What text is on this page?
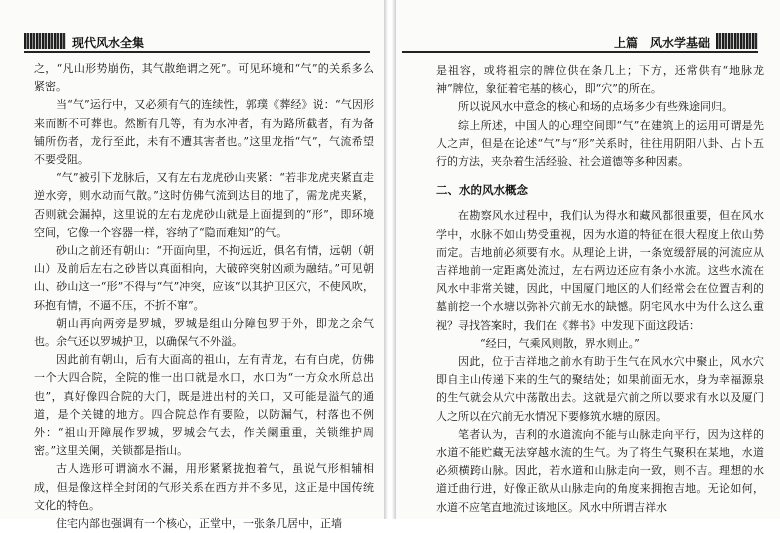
现代风水全集

之，“凡山形势崩伤，其气散绝谓之死”。可见环境和“气”的关系多么紧密。

当“气”运行中，又必须有气的连续性，郭璞《葬经》说：“气因形来而断不可葬也。然断有几等，有为水冲者，有为路所截者，有为备铺所伤者，龙行至此，未有不遭其害者也。”这里龙指“气”，气流希望不要受阻。

“气”被引下龙脉后，又有左右龙虎砂山夹紧：“若非龙虎夹紧直走逆水旁，则水动而气散。”这时仿佛气流到达目的地了，需龙虎夹紧，否则就会漏掉，这里说的左右龙虎砂山就是上面提到的“形”，即环境空间，它像一个容器一样，容纳了“隐而难知”的气。

砂山之前还有朝山：“开面向里，不拘远近，俱名有情，远朝（朝山）及前后左右之砂皆以真面相向，大破碎突射凶顽为融结。”可见朝山、砂山这一“形”不得与“气”冲突，应该“以其护卫区穴，不使风吹，环抱有情，不逼不压，不折不窜”。

朝山再向两旁是罗城，罗城是组山分障包罗于外，即龙之余气也。余气还以罗城护卫，以确保气不外溢。

因此前有朝山，后有大面高的祖山，左有青龙，右有白虎，仿佛一个大四合院，全院的惟一出口就是水口，水口为“一方众水所总出也”，真好像四合院的大门，既是进出村的关口，又可能是溢气的通道，是个关键的地方。四合院总作有要险，以防漏气，村落也不例外：“祖山开障展作罗城，罗城会气去，作关阑重重，关锁维护周密。”这里关阑，关锁都是指山。

古人选形可谓滴水不漏，用形紧紧拢抱着气，虽说气形相辅相成，但是像这样全封闭的气形关系在西方并不多见，这正是中国传统文化的特色。

住宅内部也强调有一个核心，正堂中，一张条几居中，正墙

上篇　风水学基础

是祖容，或将祖宗的牌位供在条几上；下方，还常供有“地脉龙神”牌位，象征着宅基的核心，即“穴”的所在。

所以说风水中意念的核心和场的点场多少有些殊途同归。

综上所述，中国人的心理空间即“气”在建筑上的运用可谓是先人之声，但是在论述“气”与“形”关系时，往往用阴阳八卦、占卜五行的方法，夹杂着生活经验、社会道德等多种因素。

二、水的风水概念

在勘察风水过程中，我们认为得水和藏风都很重要，但在风水学中，水脉不如山势受重视，因为水道的特征在很大程度上依山势而定。吉地前必须要有水。从理论上讲，一条宽缓舒展的河流应从吉祥地前一定距离处流过，左右两边还应有条小水流。这些水流在风水中非常关键，因此，中国厦门地区的人们经常会在位置吉利的墓前挖一个水塘以弥补穴前无水的缺憾。阴宅风水中为什么这么重视？寻找答案时，我们在《葬书》中发现下面这段话：

“经曰，气乘风则散，界水则止。”

因此，位于吉祥地之前水有助于生气在风水穴中聚止，风水穴即自主山传递下来的生气的聚结处；如果前面无水，身为幸福源泉的生气就会从穴中荡散出去。这就是穴前之所以要求有水以及厦门人之所以在穴前无水情况下要修筑水塘的原因。

笔者认为，吉利的水道流向不能与山脉走向平行，因为这样的水道不能贮藏无法穿越水流的生气。为了将生气聚积在某地，水道必须横跨山脉。因此，若水道和山脉走向一致，则不吉。理想的水道迁曲行进，好像正欲从山脉走向的角度来拥抱吉地。无论如何，水道不应笔直地流过该地区。风水中所谓吉祥水
